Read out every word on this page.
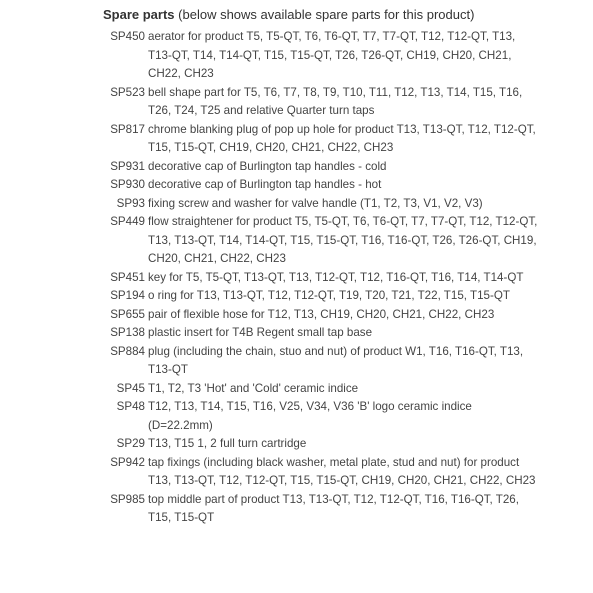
Spare parts (below shows available spare parts for this product)
SP450 aerator for product T5, T5-QT, T6, T6-QT, T7, T7-QT, T12, T12-QT, T13, T13-QT, T14, T14-QT, T15, T15-QT, T26, T26-QT, CH19, CH20, CH21, CH22, CH23
SP523 bell shape part for T5, T6, T7, T8, T9, T10, T11, T12, T13, T14, T15, T16, T26, T24, T25 and relative Quarter turn taps
SP817 chrome blanking plug of pop up hole for product T13, T13-QT, T12, T12-QT, T15, T15-QT, CH19, CH20, CH21, CH22, CH23
SP931 decorative cap of Burlington tap handles - cold
SP930 decorative cap of Burlington tap handles - hot
SP93 fixing screw and washer for valve handle (T1, T2, T3, V1, V2, V3)
SP449 flow straightener for product T5, T5-QT, T6, T6-QT, T7, T7-QT, T12, T12-QT, T13, T13-QT, T14, T14-QT, T15, T15-QT, T16, T16-QT, T26, T26-QT, CH19, CH20, CH21, CH22, CH23
SP451 key for T5, T5-QT, T13-QT, T13, T12-QT, T12, T16-QT, T16, T14, T14-QT
SP194 o ring for T13, T13-QT, T12, T12-QT, T19, T20, T21, T22, T15, T15-QT
SP655 pair of flexible hose for T12, T13, CH19, CH20, CH21, CH22, CH23
SP138 plastic insert for T4B Regent small tap base
SP884 plug (including the chain, stuo and nut) of product W1, T16, T16-QT, T13, T13-QT
SP45 T1, T2, T3 'Hot' and 'Cold' ceramic indice
SP48 T12, T13, T14, T15, T16, V25, V34, V36 'B' logo ceramic indice (D=22.2mm)
SP29 T13, T15 1, 2 full turn cartridge
SP942 tap fixings (including black washer, metal plate, stud and nut) for product T13, T13-QT, T12, T12-QT, T15, T15-QT, CH19, CH20, CH21, CH22, CH23
SP985 top middle part of product T13, T13-QT, T12, T12-QT, T16, T16-QT, T26, T15, T15-QT
